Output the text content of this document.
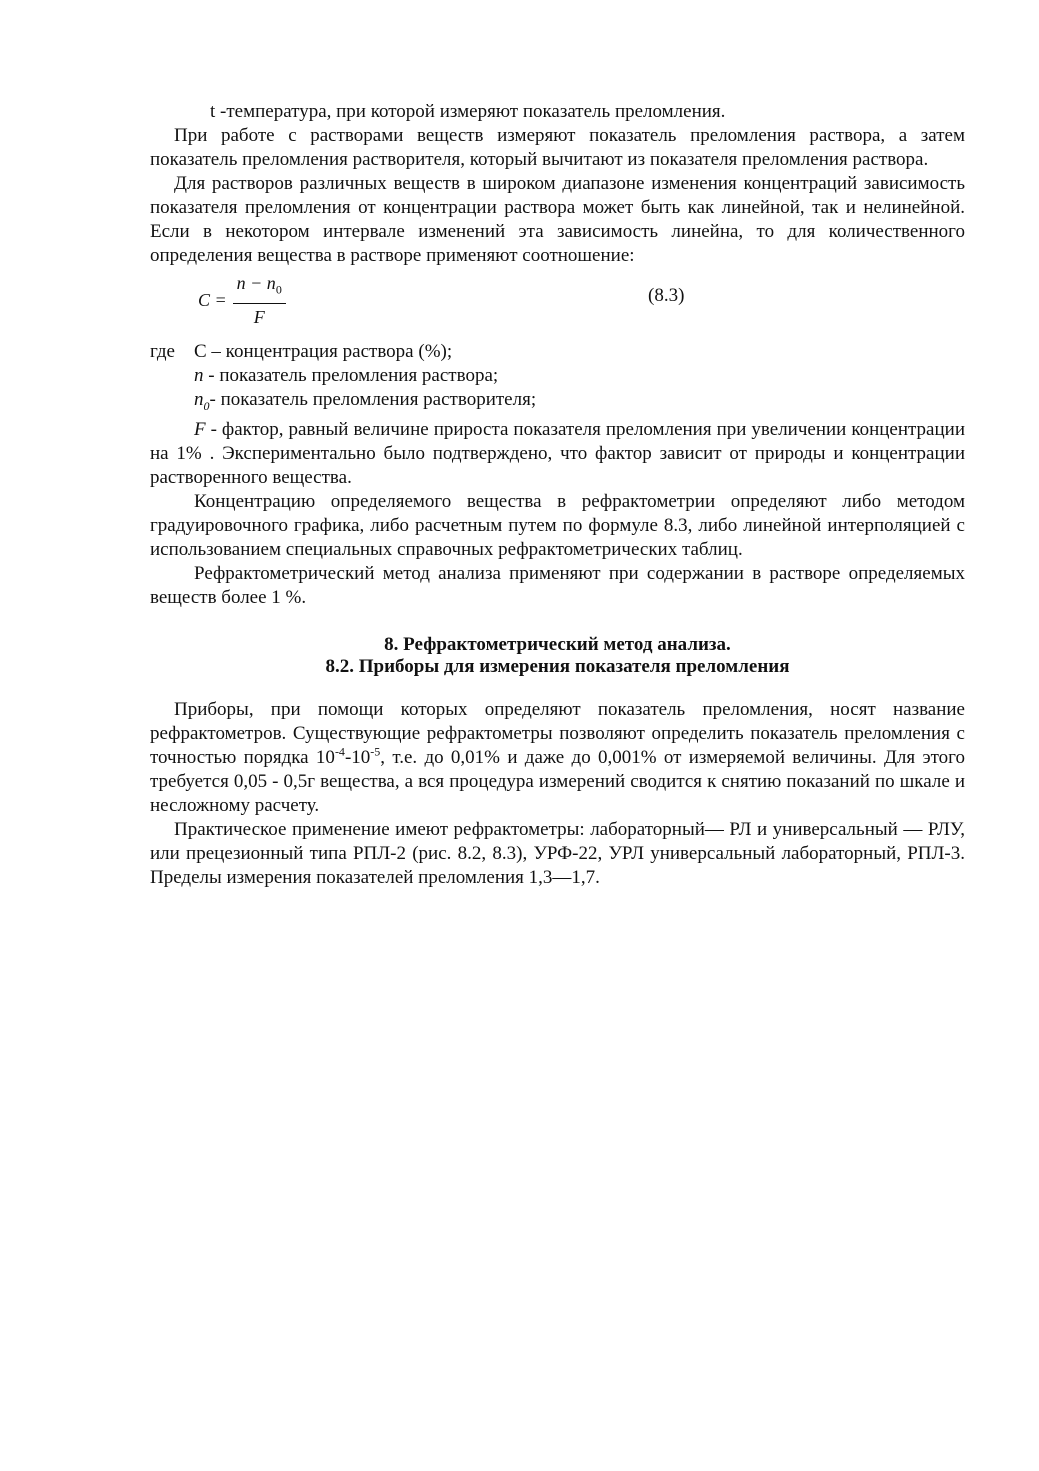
t -температура, при которой измеряют показатель преломления.

При работе с растворами веществ измеряют показатель преломления раствора, а затем показатель преломления растворителя, который вычитают из показателя преломления раствора.

Для растворов различных веществ в широком диапазоне изменения концентраций зависимость показателя преломления от концентрации раствора может быть как линейной, так и нелинейной. Если в некотором интервале изменений эта зависимость линейна, то для количественного определения вещества в растворе применяют соотношение:

$C = \frac{n - n_0}{F}$	(8.3)

где С – концентрация раствора (%);

n - показатель преломления раствора;

$n_0-$ показатель преломления растворителя;

F - фактор, равный величине прироста показателя преломления при увеличении концентрации на 1% . Экспериментально было подтверждено, что фактор зависит от природы и концентрации растворенного вещества.

Концентрацию определяемого вещества в рефрактометрии определяют либо методом градуировочного графика, либо расчетным путем по формуле 8.3, либо линейной интерполяцией с использованием специальных справочных рефрактометрических таблиц.

Рефрактометрический метод анализа применяют при содержании в растворе определяемых веществ более 1 %.

8. Рефрактометрический метод анализа.

8.2. Приборы для измерения показателя преломления

Приборы, при помощи которых определяют показатель преломления, носят название рефрактометров. Существующие рефрактометры позволяют определить показатель преломления с точностью порядка $10^{-4}-10^{-5}$, т.е. до 0,01% и даже до 0,001% от измеряемой величины. Для этого требуется 0,05 - 0,5г вещества, а вся процедура измерений сводится к снятию показаний по шкале и несложному расчету.

Практическое применение имеют рефрактометры: лабораторный— РЛ и универсальный — РЛУ, или прецезионный типа РПЛ-2 (рис. 8.2, 8.3), УРФ-22, УРЛ универсальный лабораторный, РПЛ-3. Пределы измерения показателей преломления 1,3—1,7.
